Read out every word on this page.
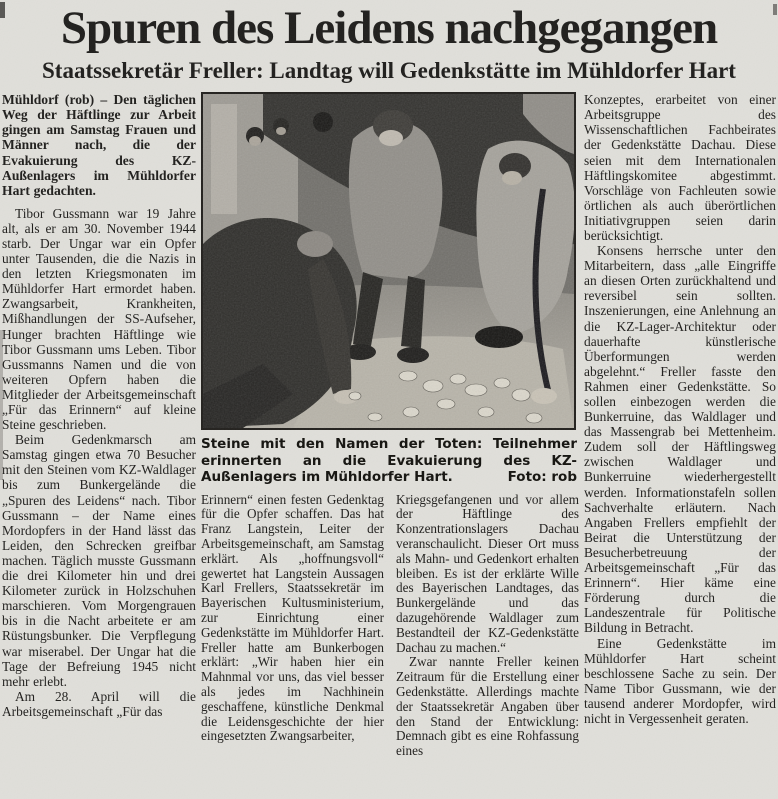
Spuren des Leidens nachgegangen
Staatssekretär Freller: Landtag will Gedenkstätte im Mühldorfer Hart

Mühldorf (rob) – Den täglichen Weg der Häftlinge zur Arbeit gingen am Samstag Frauen und Männer nach, die der Evakuierung des KZ-Außenlagers im Mühldorfer Hart gedachten.

Tibor Gussmann war 19 Jahre alt, als er am 30. November 1944 starb. Der Ungar war ein Opfer unter Tausenden, die die Nazis in den letzten Kriegsmonaten im Mühldorfer Hart ermordet haben. Zwangsarbeit, Krankheiten, Mißhandlungen der SS-Aufseher, Hunger brachten Häftlinge wie Tibor Gussmann ums Leben. Tibor Gussmanns Namen und die von weiteren Opfern haben die Mitglieder der Arbeitsgemeinschaft „Für das Erinnern“ auf kleine Steine geschrieben.

Beim Gedenkmarsch am Samstag gingen etwa 70 Besucher mit den Steinen vom KZ-Waldlager bis zum Bunkergelände die „Spuren des Leidens“ nach. Tibor Gussmann – der Name eines Mordopfers in der Hand lässt das Leiden, den Schrecken greifbar machen. Täglich musste Gussmann die drei Kilometer hin und drei Kilometer zurück in Holzschuhen marschieren. Vom Morgengrauen bis in die Nacht arbeitete er am Rüstungsbunker. Die Verpflegung war miserabel. Der Ungar hat die Tage der Befreiung 1945 nicht mehr erlebt.

Am 28. April will die Arbeitsgemeinschaft „Für das

Steine mit den Namen der Toten: Teilnehmer erinnerten an die Evakuierung des KZ-Außenlagers im Mühldorfer Hart.	Foto: rob

Erinnern“ einen festen Gedenktag für die Opfer schaffen. Das hat Franz Langstein, Leiter der Arbeitsgemeinschaft, am Samstag erklärt. Als „hoffnungsvoll“ gewertet hat Langstein Aussagen Karl Frellers, Staatssekretär im Bayerischen Kultusministerium, zur Einrichtung einer Gedenkstätte im Mühldorfer Hart. Freller hatte am Bunkerbogen erklärt: „Wir haben hier ein Mahnmal vor uns, das viel besser als jedes im Nachhinein geschaffene, künstliche Denkmal die Leidensgeschichte der hier eingesetzten Zwangsarbeiter,

Kriegsgefangenen und vor allem der Häftlinge des Konzentrationslagers Dachau veranschaulicht. Dieser Ort muss als Mahn- und Gedenkort erhalten bleiben. Es ist der erklärte Wille des Bayerischen Landtages, das Bunkergelände und das dazugehörende Waldlager zum Bestandteil der KZ-Gedenkstätte Dachau zu machen.“

Zwar nannte Freller keinen Zeitraum für die Erstellung einer Gedenkstätte. Allerdings machte der Staatssekretär Angaben über den Stand der Entwicklung: Demnach gibt es eine Rohfassung eines

Konzeptes, erarbeitet von einer Arbeitsgruppe des Wissenschaftlichen Fachbeirates der Gedenkstätte Dachau. Diese seien mit dem Internationalen Häftlingskomitee abgestimmt. Vorschläge von Fachleuten sowie örtlichen als auch überörtlichen Initiativgruppen seien darin berücksichtigt.

Konsens herrsche unter den Mitarbeitern, dass „alle Eingriffe an diesen Orten zurückhaltend und reversibel sein sollten. Inszenierungen, eine Anlehnung an die KZ-Lager-Architektur oder dauerhafte künstlerische Überformungen werden abgelehnt.“ Freller fasste den Rahmen einer Gedenkstätte. So sollen einbezogen werden die Bunkerruine, das Waldlager und das Massengrab bei Mettenheim. Zudem soll der Häftlingsweg zwischen Waldlager und Bunkerruine wiederhergestellt werden. Informationstafeln sollen Sachverhalte erläutern. Nach Angaben Frellers empfiehlt der Beirat die Unterstützung der Besucherbetreuung der Arbeitsgemeinschaft „Für das Erinnern“. Hier käme eine Förderung durch die Landeszentrale für Politische Bildung in Betracht.

Eine Gedenkstätte im Mühldorfer Hart scheint beschlossene Sache zu sein. Der Name Tibor Gussmann, wie der tausend anderer Mordopfer, wird nicht in Vergessenheit geraten.
